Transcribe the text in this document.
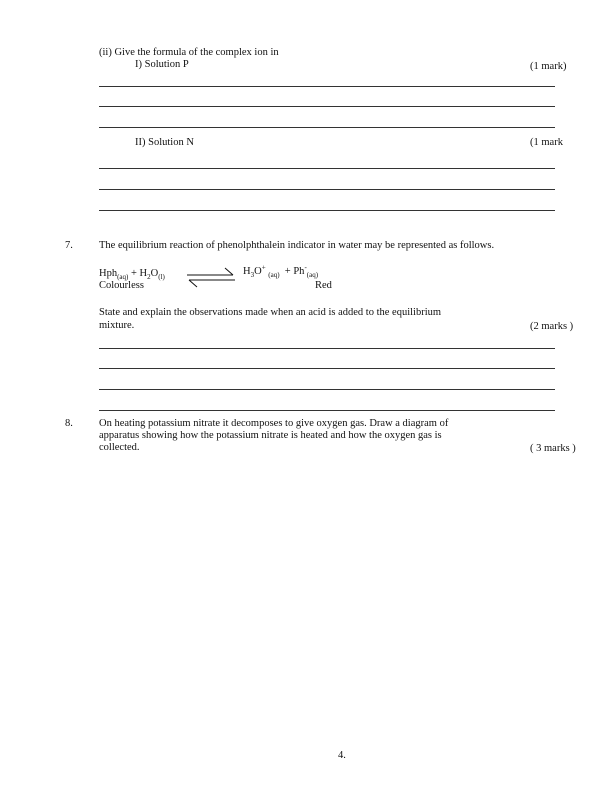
(ii) Give the formula of the complex ion in
I) Solution P	(1 mark)
II) Solution N	(1 mark
7. The equilibrium reaction of phenolphthalein indicator in water may be represented as follows.
$Hph_{(aq)} + H_2O_{(l)}$
$H_3O^+$ $_{(aq)} + Ph^-_{(aq)}$
Colourless	Red
State and explain the observations made when an acid is added to the equilibrium
mixture.	(2 marks )
8. On heating potassium nitrate it decomposes to give oxygen gas. Draw a diagram of
apparatus showing how the potassium nitrate is heated and how the oxygen gas is
collected.	( 3 marks )
4.
